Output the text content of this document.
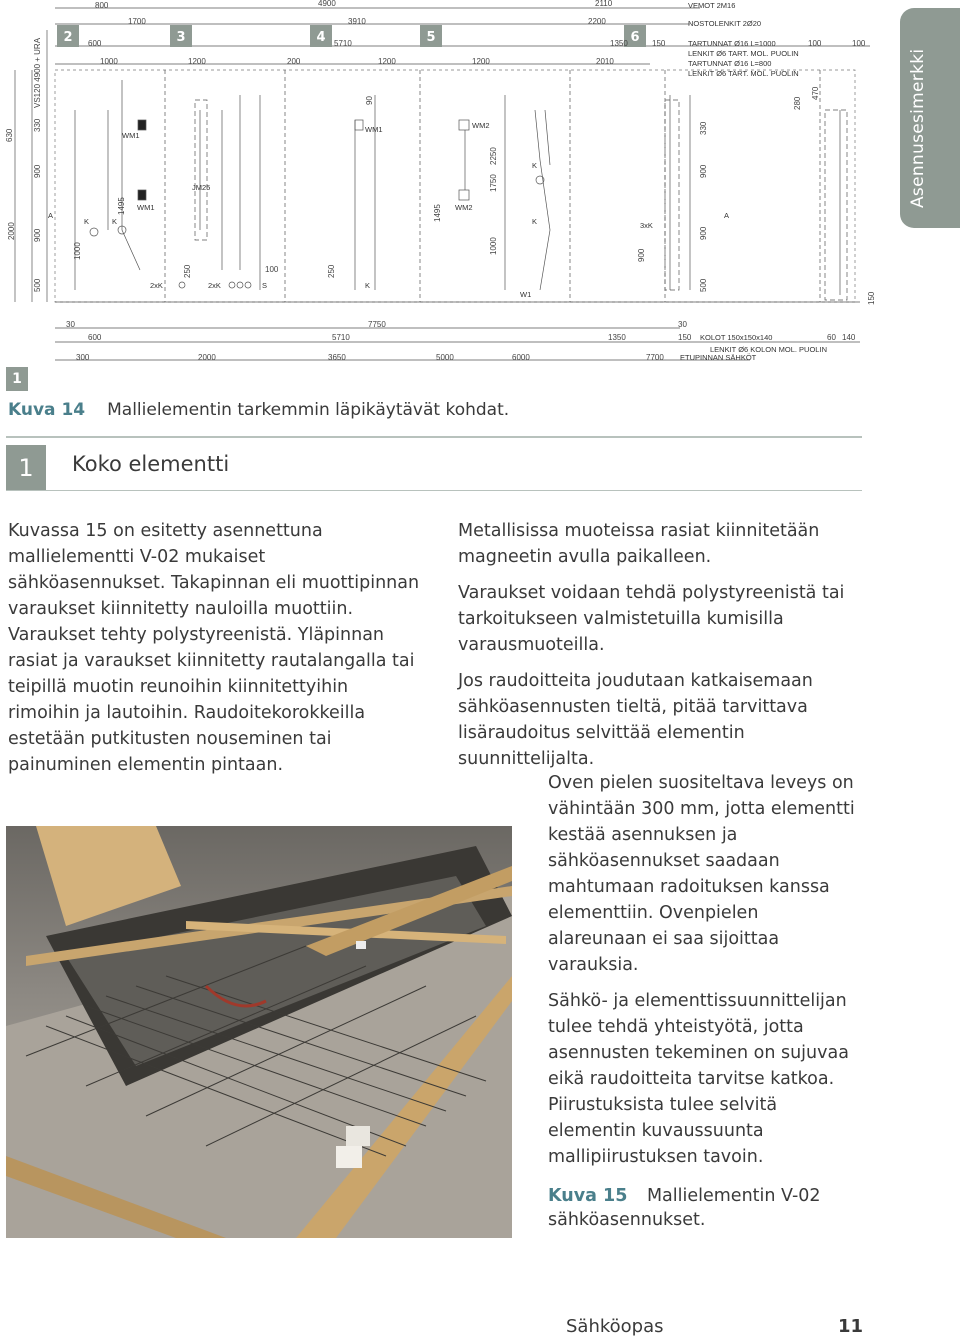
2	3	4	5	6
800	4900	2110
1700	3910	2200
600	5710	1350	150	100	100
1000	1200	200	1200	1200	2010
VEMOT 2M16
NOSTOLENKIT 2Ø20
TARTUNNAT Ø16 L=1000
LENKIT Ø6 TART. MOL. PUOLIN
TARTUNNAT Ø16 L=800
LENKIT Ø6 TART. MOL. PUOLIN
630
330
VS120 4900 + URA
900
2000 900
500
1000
1495
WM1
WM1
JM25
WM1	WM2
WM2
K	K
2xK	2xK	S	K
K
K
W1
3xK
A	A
250	100	250
90
1495
1750
2250
1000
900
330
900
900
500
280
470
150
30	7750
600	5710	1350
30
150 KOLOT 150x150x140	60 140
LENKIT Ø6 KOLON MOL. PUOLIN
300	2000	3650	5000	6000	7700 ETUPINNAN SÄHKÖT
Asennusesimerkki
1
Kuva 14 Mallielementin tarkemmin läpikäytävät kohdat.
1	Koko elementti

Kuvassa 15 on esitetty asennettuna mallielementti V-02 mukaiset sähköasennukset. Takapinnan eli muottipinnan varaukset kiinnitetty nauloilla muottiin. Varaukset tehty polystyreenistä. Yläpinnan rasiat ja varaukset kiinnitetty rautalangalla tai teipillä muotin reunoihin kiinnitettyihin rimoihin ja lautoihin. Raudoitekorokkeilla estetään putkitusten nouseminen tai painuminen elementin pintaan.

Metallisissa muoteissa rasiat kiinnitetään magneetin avulla paikalleen.

Varaukset voidaan tehdä polystyreenistä tai tarkoitukseen valmistetuilla kumisilla varausmuoteilla.

Jos raudoitteita joudutaan katkaisemaan sähköasennusten tieltä, pitää tarvittava lisäraudoitus selvittää elementin suunnittelijalta.

Oven pielen suositeltava leveys on vähintään 300 mm, jotta elementti kestää asennuksen ja sähköasennukset saadaan mahtumaan radoituksen kanssa elementtiin. Ovenpielen alareunaan ei saa sijoittaa varauksia.

Sähkö- ja elementtissuunnittelijan tulee tehdä yhteistyötä, jotta asennusten tekeminen on sujuvaa eikä raudoitteita tarvitse katkoa. Piirustuksista tulee selvitä elementin kuvaussuunta mallipiirustuksen tavoin.

Kuva 15 Mallielementin V-02 sähköasennukset.
Sähköopas	11
